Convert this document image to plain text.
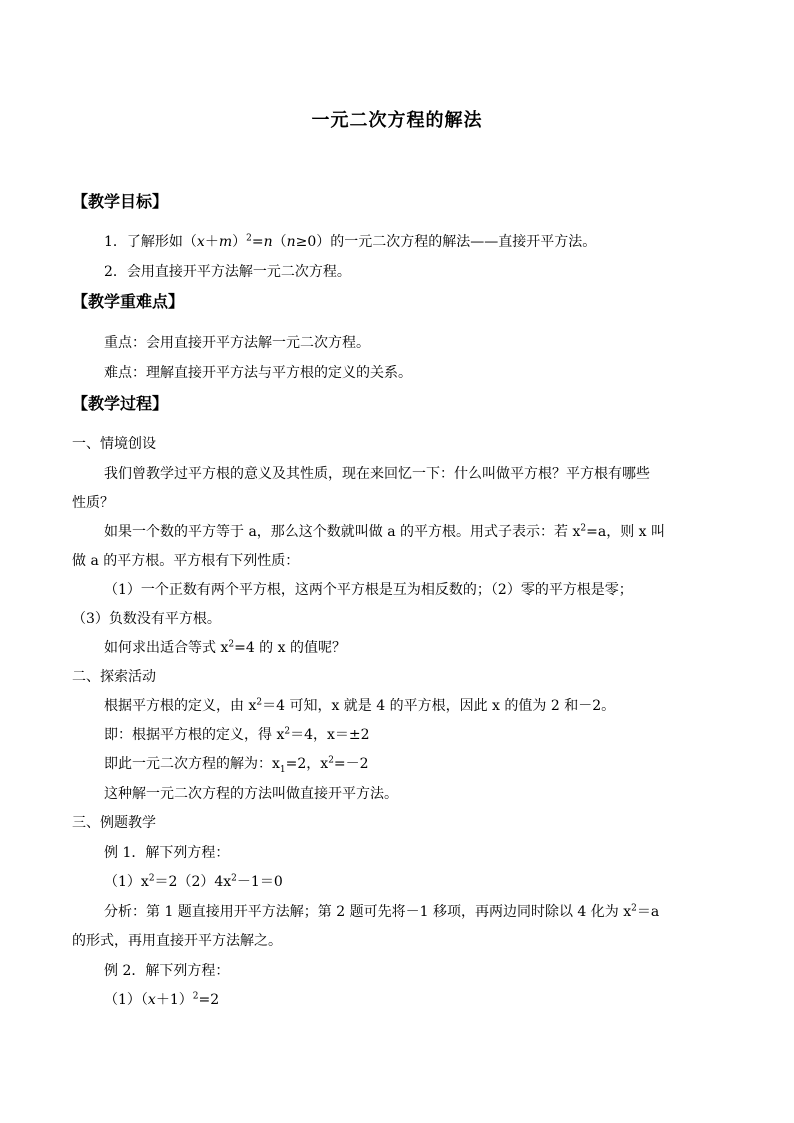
一元二次方程的解法
【教学目标】
1．了解形如$(x+m)^2=n(n\ge 0)$的一元二次方程的解法——直接开平方法。
2．会用直接开平方法解一元二次方程。
【教学重难点】
重点：会用直接开平方法解一元二次方程。
难点：理解直接开平方法与平方根的定义的关系。
【教学过程】
一、情境创设
我们曾教学过平方根的意义及其性质，现在来回忆一下：什么叫做平方根？平方根有哪些
性质？
如果一个数的平方等于 a，那么这个数就叫做 a 的平方根。用式子表示：若 $x^2=a$，则 x 叫
做 a 的平方根。平方根有下列性质：
（1）一个正数有两个平方根，这两个平方根是互为相反数的；（2）零的平方根是零；
（3）负数没有平方根。
如何求出适合等式 $x^2=4$ 的 x 的值呢？
二、探索活动
根据平方根的定义，由 $x^2=4$ 可知，x 就是 4 的平方根，因此 x 的值为 2 和－2。
即：根据平方根的定义，得 $x^2=4$，x＝±2
即此一元二次方程的解为：$x_1=2$，$x^2=-2$
这种解一元二次方程的方法叫做直接开平方法。
三、例题教学
例 1．解下列方程：
$(1)x^2=2(2)4x^2-1=0$
分析：第 1 题直接用开平方法解；第 2 题可先将－1 移项，再两边同时除以 4 化为 $x^2=a$
的形式，再用直接开平方法解之。
例 2．解下列方程：
$(1)(x+1)^2=2$
